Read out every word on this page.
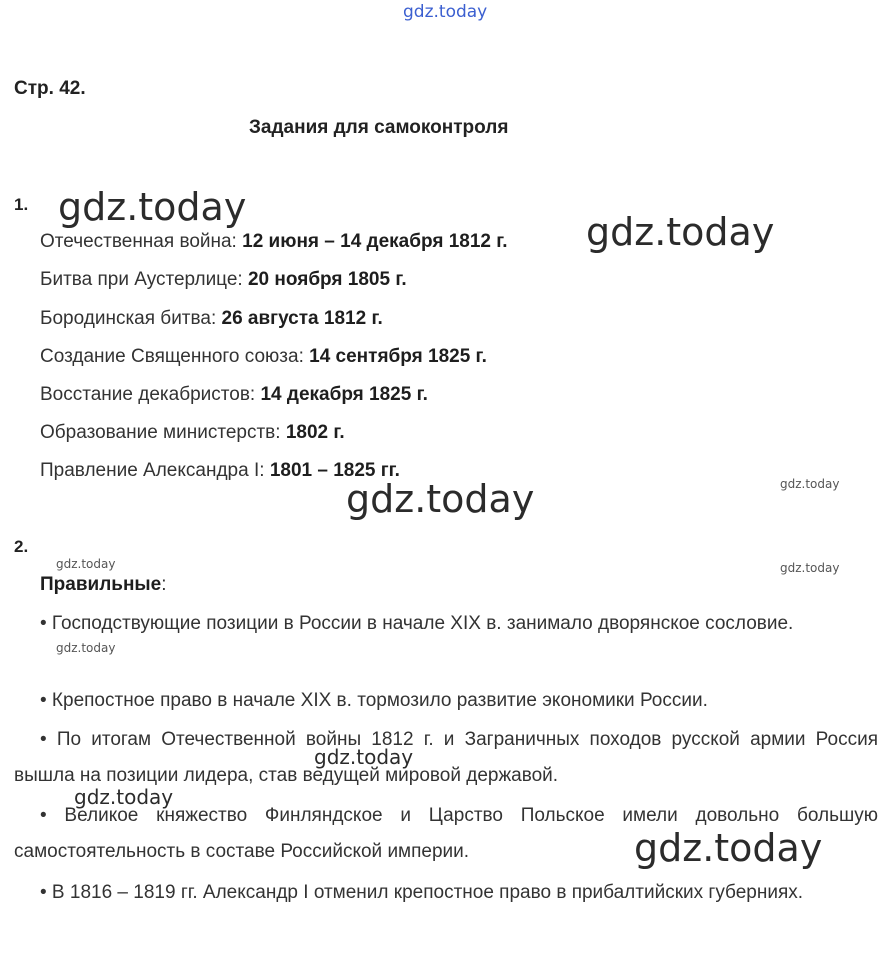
gdz.today
gdz.today
gdz.today
gdz.today	gdz.today
gdz.today	gdz.today
gdz.today
gdz.today
gdz.today
gdz.today
Стр. 42.
Задания для самоконтроля
1.
Отечественная война: 12 июня – 14 декабря 1812 г.
Битва при Аустерлице: 20 ноября 1805 г.
Бородинская битва: 26 августа 1812 г.
Создание Священного союза: 14 сентября 1825 г.
Восстание декабристов: 14 декабря 1825 г.
Образование министерств: 1802 г.
Правление Александра I: 1801 – 1825 гг.
2.
Правильные:
• Господствующие позиции в России в начале XIX в. занимало дворянское сословие.
• Крепостное право в начале XIX в. тормозило развитие экономики России.
• По итогам Отечественной войны 1812 г. и Заграничных походов русской армии Россия вышла на позиции лидера, став ведущей мировой державой.
• Великое княжество Финляндское и Царство Польское имели довольно большую самостоятельность в составе Российской империи.
• В 1816 – 1819 гг. Александр I отменил крепостное право в прибалтийских губерниях.
